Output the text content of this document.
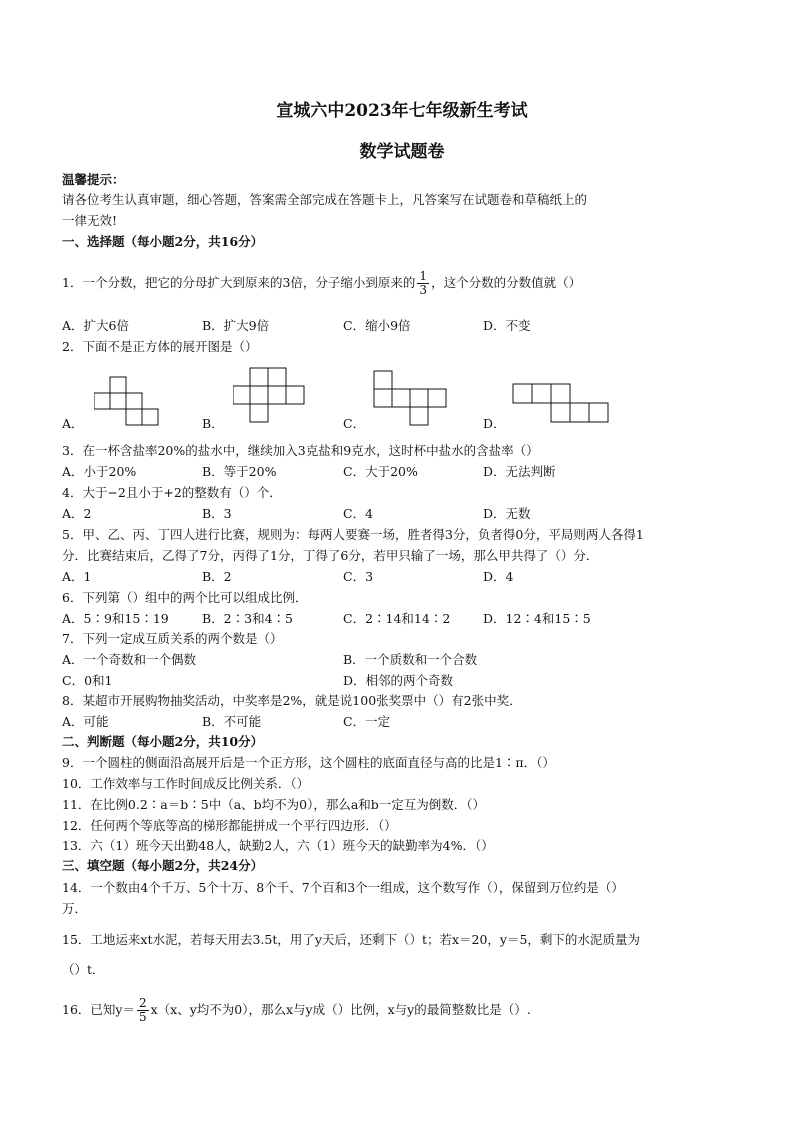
宣城六中2023年七年级新生考试
数学试题卷
温馨提示：
请各位考生认真审题，细心答题，答案需全部完成在答题卡上，凡答案写在试题卷和草稿纸上的
一律无效!
一、选择题（每小题2分，共16分）
1．一个分数，把它的分母扩大到原来的3倍，分子缩小到原来的 $\frac{1}{3}$ ，这个分数的分数值就（）
A．扩大6倍	B．扩大9倍	C．缩小9倍	D．不变
2．下面不是正方体的展开图是（）
A．	B．	C．	D．
3．在一杯含盐率20%的盐水中，继续加入3克盐和9克水，这时杯中盐水的含盐率（）
A．小于20%	B．等于20%	C．大于20%	D．无法判断
4．大于−2且小于+2的整数有（）个．
A．2	B．3	C．4	D．无数
5．甲、乙、丙、丁四人进行比赛，规则为：每两人要赛一场，胜者得3分，负者得0分，平局则两人各得1
分．比赛结束后，乙得了7分，丙得了1分，丁得了6分，若甲只输了一场，那么甲共得了（）分．
A．1	B．2	C．3	D．4
6．下列第（）组中的两个比可以组成比例．
A．5∶9和15∶19	B．2∶3和4∶5	C．2∶14和14∶2	D．12∶4和15∶5
7．下列一定成互质关系的两个数是（）
A．一个奇数和一个偶数	B．一个质数和一个合数
C．0和1	D．相邻的两个奇数
8．某超市开展购物抽奖活动，中奖率是2%，就是说100张奖票中（）有2张中奖．
A．可能	B．不可能	C．一定
二、判断题（每小题2分，共10分）
9．一个圆柱的侧面沿高展开后是一个正方形，这个圆柱的底面直径与高的比是1∶π．（）
10．工作效率与工作时间成反比例关系．（）
11．在比例0.2∶a＝b∶5中（a、b均不为0），那么a和b一定互为倒数．（）
12．任何两个等底等高的梯形都能拼成一个平行四边形．（）
13．六（1）班今天出勤48人，缺勤2人，六（1）班今天的缺勤率为4%．（）
三、填空题（每小题2分，共24分）
14．一个数由4个千万、5个十万、8个千、7个百和3个一组成，这个数写作（），保留到万位约是（）
万．
15．工地运来xt水泥，若每天用去3.5t，用了y天后，还剩下（）t；若x＝20，y＝5，剩下的水泥质量为
（）t．
16．已知$y= \frac{2}{5} x(x$、y均不为0），那么x与y成（）比例，x与y的最简整数比是（）.
